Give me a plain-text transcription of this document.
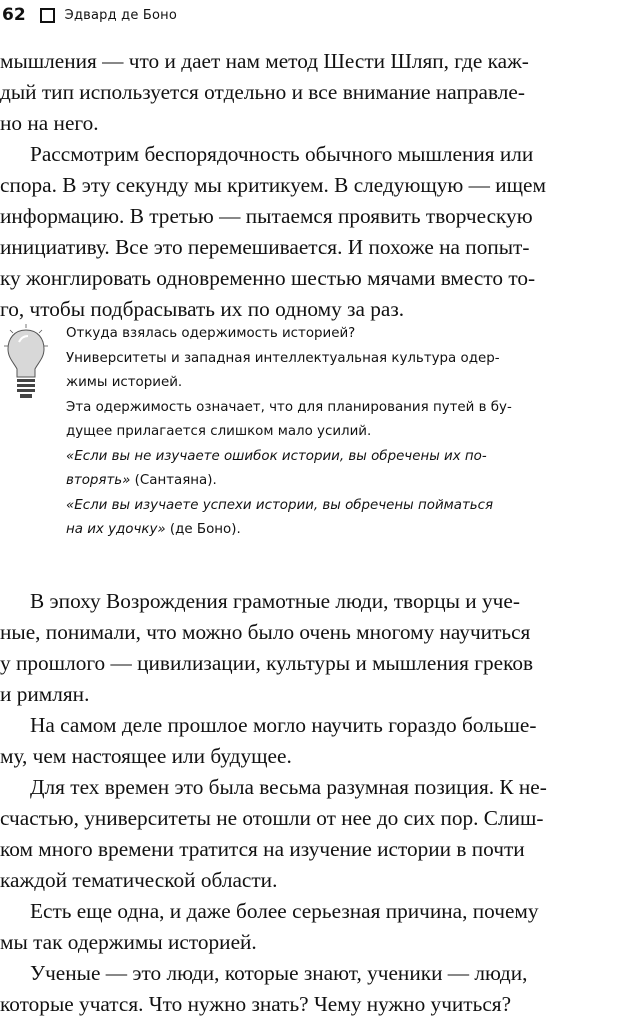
62	Эдвард де Боно

мышления — что и дает нам метод Шести Шляп, где каж-
дый тип используется отдельно и все внимание направле-
но на него.

Рассмотрим беспорядочность обычного мышления или
спора. В эту секунду мы критикуем. В следующую — ищем
информацию. В третью — пытаемся проявить творческую
инициативу. Все это перемешивается. И похоже на попыт-
ку жонглировать одновременно шестью мячами вместо то-
го, чтобы подбрасывать их по одному за раз.

Откуда взялась одержимость историей?
Университеты и западная интеллектуальная культура одер-
жимы историей.
Эта одержимость означает, что для планирования путей в бу-
дущее прилагается слишком мало усилий.
«Если вы не изучаете ошибок истории, вы обречены их по-
вторять» (Сантаяна).
«Если вы изучаете успехи истории, вы обречены пойматься
на их удочку» (де Боно).

В эпоху Возрождения грамотные люди, творцы и уче-
ные, понимали, что можно было очень многому научиться
у прошлого — цивилизации, культуры и мышления греков
и римлян.

На самом деле прошлое могло научить гораздо больше-
му, чем настоящее или будущее.

Для тех времен это была весьма разумная позиция. К не-
счастью, университеты не отошли от нее до сих пор. Слиш-
ком много времени тратится на изучение истории в почти
каждой тематической области.

Есть еще одна, и даже более серьезная причина, почему
мы так одержимы историей.

Ученые — это люди, которые знают, ученики — люди,
которые учатся. Что нужно знать? Чему нужно учиться?
